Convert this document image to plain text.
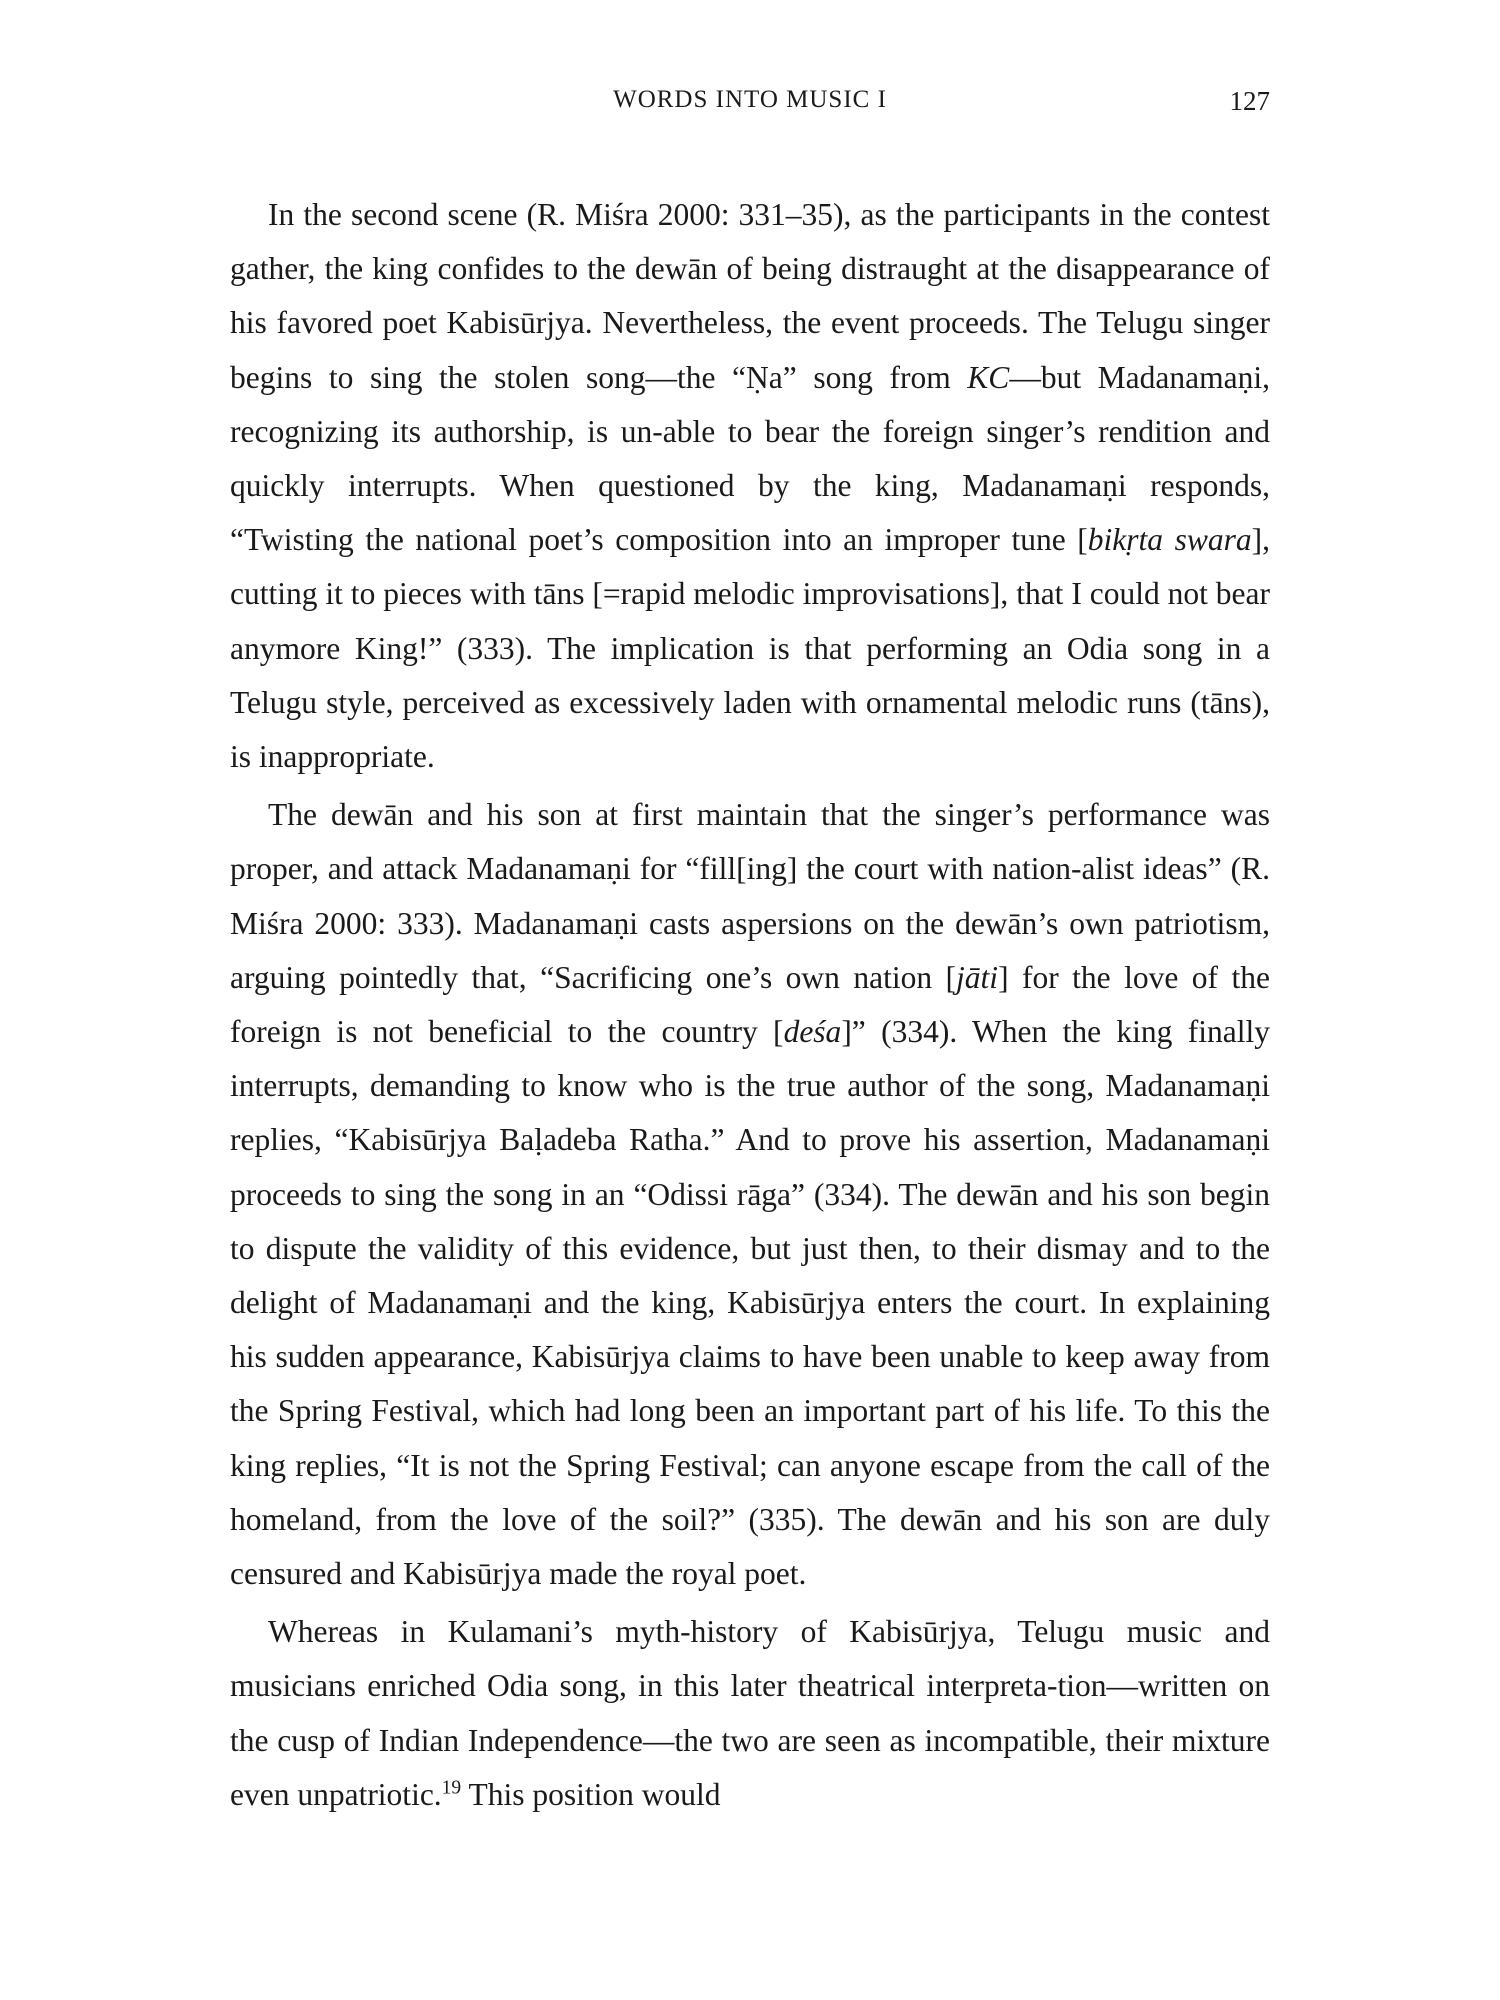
WORDS INTO MUSIC I	127

In the second scene (R. Miśra 2000: 331–35), as the participants in the contest gather, the king confides to the dewān of being distraught at the disappearance of his favored poet Kabisūrjya. Nevertheless, the event proceeds. The Telugu singer begins to sing the stolen song—the “Ṇa” song from KC—but Madanamaṇi, recognizing its authorship, is un-able to bear the foreign singer’s rendition and quickly interrupts. When questioned by the king, Madanamaṇi responds, “Twisting the national poet’s composition into an improper tune [bikṛta swara], cutting it to pieces with tāns [=rapid melodic improvisations], that I could not bear anymore King!” (333). The implication is that performing an Odia song in a Telugu style, perceived as excessively laden with ornamental melodic runs (tāns), is inappropriate.

The dewān and his son at first maintain that the singer’s performance was proper, and attack Madanamaṇi for “fill[ing] the court with nation-alist ideas” (R. Miśra 2000: 333). Madanamaṇi casts aspersions on the dewān’s own patriotism, arguing pointedly that, “Sacrificing one’s own nation [jāti] for the love of the foreign is not beneficial to the country [deśa]” (334). When the king finally interrupts, demanding to know who is the true author of the song, Madanamaṇi replies, “Kabisūrjya Baḷadeba Ratha.” And to prove his assertion, Madanamaṇi proceeds to sing the song in an “Odissi rāga” (334). The dewān and his son begin to dispute the validity of this evidence, but just then, to their dismay and to the delight of Madanamaṇi and the king, Kabisūrjya enters the court. In explaining his sudden appearance, Kabisūrjya claims to have been unable to keep away from the Spring Festival, which had long been an important part of his life. To this the king replies, “It is not the Spring Festival; can anyone escape from the call of the homeland, from the love of the soil?” (335). The dewān and his son are duly censured and Kabisūrjya made the royal poet.

Whereas in Kulamani’s myth-history of Kabisūrjya, Telugu music and musicians enriched Odia song, in this later theatrical interpreta-tion—written on the cusp of Indian Independence—the two are seen as incompatible, their mixture even unpatriotic.$^{19}$ This position would
